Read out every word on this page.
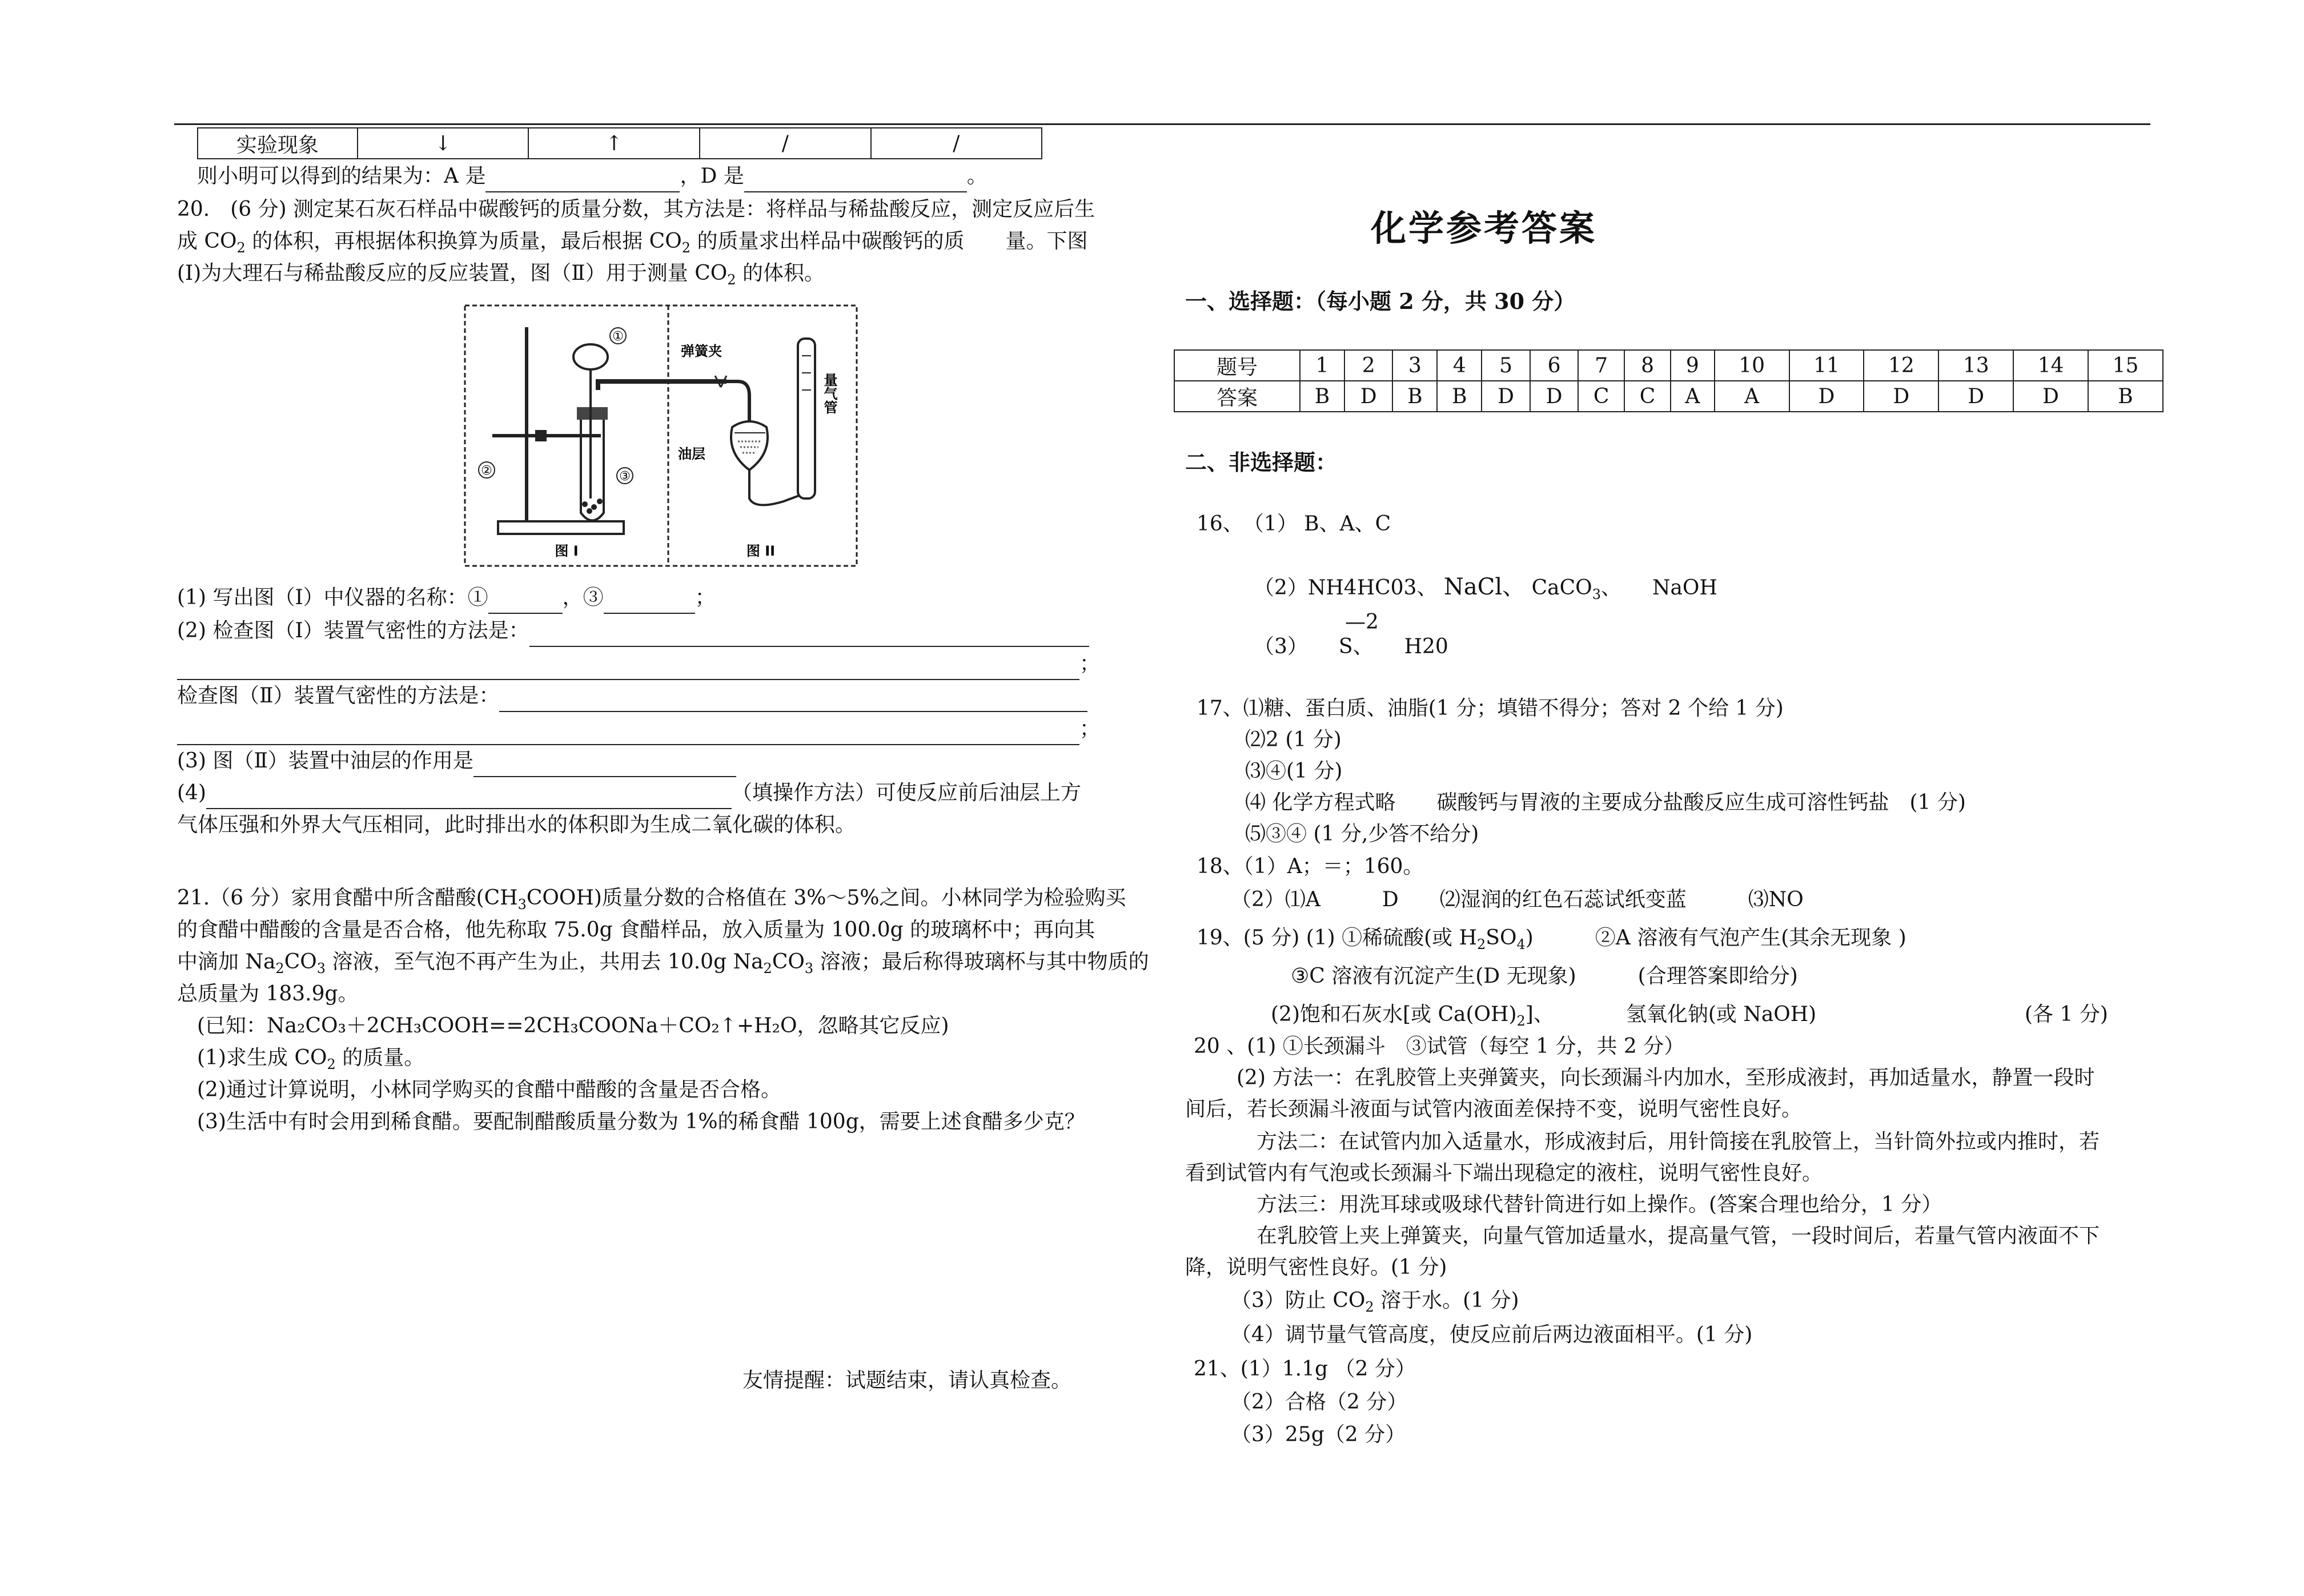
实验现象	↓	↑	/	/
则小明可以得到的结果为：A 是	，D 是	。
20.　(6 分) 测定某石灰石样品中碳酸钙的质量分数，其方法是：将样品与稀盐酸反应，测定反应后生
成 $CO_2$ 的体积，再根据体积换算为质量，最后根据 $CO_2$ 的质量求出样品中碳酸钙的质　　量。下图
(Ⅰ)为大理石与稀盐酸反应的反应装置，图（Ⅱ）用于测量 $CO_2$ 的体积。
①
②	③
弹簧夹
油层
量气管
图 I	图 II
(1) 写出图（I）中仪器的名称：①	，③	；
(2) 检查图（I）装置气密性的方法是：
；
检查图（Ⅱ）装置气密性的方法是：
；
(3) 图（Ⅱ）装置中油层的作用是
(4)	（填操作方法）可使反应前后油层上方
气体压强和外界大气压相同，此时排出水的体积即为生成二氧化碳的体积。
21.（6 分）家用食醋中所含醋酸$(CH_3COOH)$质量分数的合格值在 3%～5%之间。小林同学为检验购买
的食醋中醋酸的含量是否合格，他先称取 75.0g 食醋样品，放入质量为 100.0g 的玻璃杯中；再向其
中滴加 $Na_2CO_3$ 溶液，至气泡不再产生为止，共用去 10.0g $Na_2CO_3$ 溶液；最后称得玻璃杯与其中物质的
总质量为 183.9g。
(已知：Na₂CO₃＋2CH₃COOH==2CH₃COONa＋CO₂↑+H₂O，忽略其它反应)
(1)求生成 $CO_2$ 的质量。
(2)通过计算说明，小林同学购买的食醋中醋酸的含量是否合格。
(3)生活中有时会用到稀食醋。要配制醋酸质量分数为 1%的稀食醋 100g，需要上述食醋多少克？
友情提醒：试题结束，请认真检查。
化学参考答案
一、选择题：（每小题 2 分，共 30 分）
题号	1	2	3	4	5	6	7	8	9	10	11	12	13	14	15
答案	B	D	B	B	D	D	C	C	A	A	D	D	D	D	B
二、非选择题：
16、　（1） B、A、C
（2）NH4HC03、 NaCl、 CaCO$_3$、　　NaOH
—2
（3）　　S、　　H20
17、⑴糖、蛋白质、油脂(1 分；填错不得分；答对 2 个给 1 分)
⑵2 (1 分)
⑶④(1 分)
⑷ 化学方程式略　　碳酸钙与胃液的主要成分盐酸反应生成可溶性钙盐　(1 分)
⑸③④ (1 分,少答不给分)
18、（1）A；＝；160。
（2）⑴A　　　D　　⑵湿润的红色石蕊试纸变蓝　　　⑶NO
19、(5 分) (1) ①稀硫酸(或 $H_2SO_4$)　　　②A 溶液有气泡产生(其余无现象 )
③C 溶液有沉淀产生(D 无现象)　　　(合理答案即给分)
(2)饱和石灰水[或 $Ca(OH)_2$]、　　　　氢氧化钠(或 NaOH)	(各 1 分)
20 、(1) ①长颈漏斗　③试管（每空 1 分，共 2 分）
(2) 方法一：在乳胶管上夹弹簧夹，向长颈漏斗内加水，至形成液封，再加适量水，静置一段时
间后，若长颈漏斗液面与试管内液面差保持不变，说明气密性良好。
方法二：在试管内加入适量水，形成液封后，用针筒接在乳胶管上，当针筒外拉或内推时，若
看到试管内有气泡或长颈漏斗下端出现稳定的液柱，说明气密性良好。
方法三：用洗耳球或吸球代替针筒进行如上操作。(答案合理也给分，1 分）
在乳胶管上夹上弹簧夹，向量气管加适量水，提高量气管，一段时间后，若量气管内液面不下
降，说明气密性良好。(1 分)
（3）防止 $CO_2$ 溶于水。(1 分)
（4）调节量气管高度，使反应前后两边液面相平。(1 分)
21、(1）1.1g （2 分）
（2）合格（2 分）
（3）25g（2 分）
